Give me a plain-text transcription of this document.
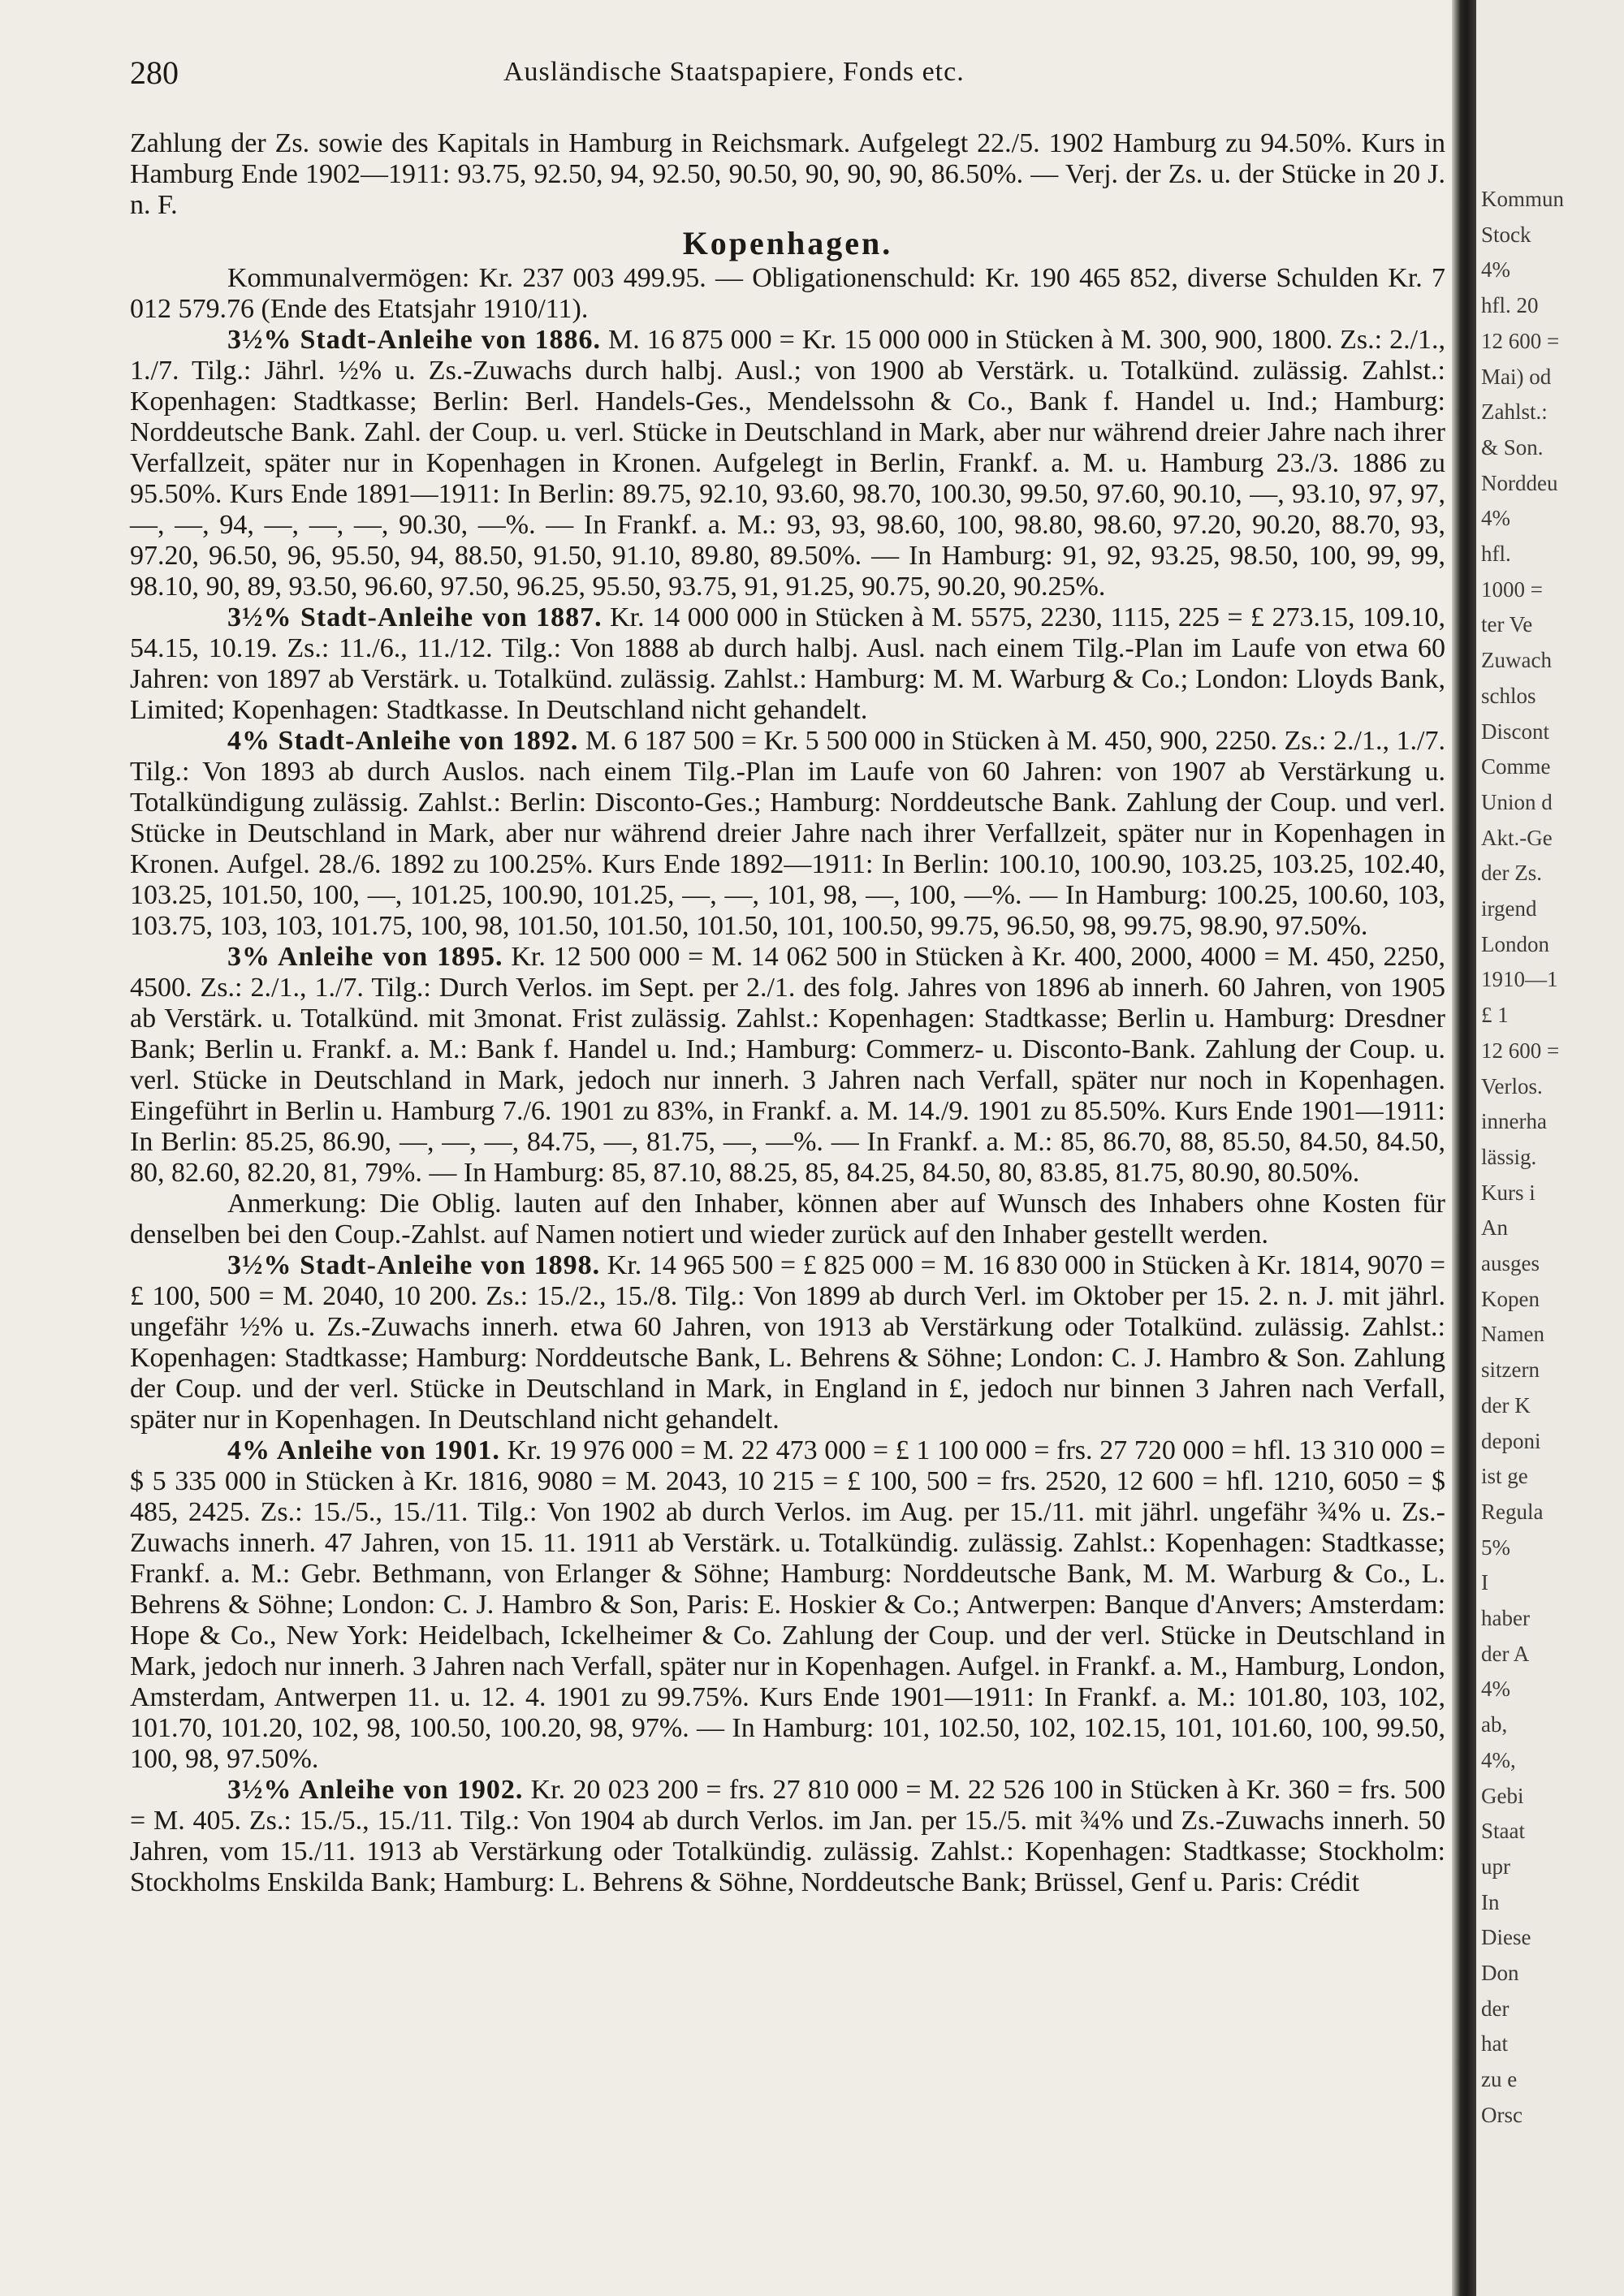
280	Ausländische Staatspapiere, Fonds etc.

Zahlung der Zs. sowie des Kapitals in Hamburg in Reichsmark. Aufgelegt 22./5. 1902 Hamburg zu 94.50%. Kurs in Hamburg Ende 1902—1911: 93.75, 92.50, 94, 92.50, 90.50, 90, 90, 90, 86.50%. — Verj. der Zs. u. der Stücke in 20 J. n. F.

Kopenhagen.

Kommunalvermögen: Kr. 237 003 499.95. — Obligationenschuld: Kr. 190 465 852, diverse Schulden Kr. 7 012 579.76 (Ende des Etatsjahr 1910/11).

3½% Stadt-Anleihe von 1886. M. 16 875 000 = Kr. 15 000 000 in Stücken à M. 300, 900, 1800. Zs.: 2./1., 1./7. Tilg.: Jährl. ½% u. Zs.-Zuwachs durch halbj. Ausl.; von 1900 ab Verstärk. u. Totalkünd. zulässig. Zahlst.: Kopenhagen: Stadtkasse; Berlin: Berl. Handels-Ges., Mendelssohn & Co., Bank f. Handel u. Ind.; Hamburg: Norddeutsche Bank. Zahl. der Coup. u. verl. Stücke in Deutschland in Mark, aber nur während dreier Jahre nach ihrer Verfallzeit, später nur in Kopenhagen in Kronen. Aufgelegt in Berlin, Frankf. a. M. u. Hamburg 23./3. 1886 zu 95.50%. Kurs Ende 1891—1911: In Berlin: 89.75, 92.10, 93.60, 98.70, 100.30, 99.50, 97.60, 90.10, —, 93.10, 97, 97, —, —, 94, —, —, —, 90.30, —%. — In Frankf. a. M.: 93, 93, 98.60, 100, 98.80, 98.60, 97.20, 90.20, 88.70, 93, 97.20, 96.50, 96, 95.50, 94, 88.50, 91.50, 91.10, 89.80, 89.50%. — In Hamburg: 91, 92, 93.25, 98.50, 100, 99, 99, 98.10, 90, 89, 93.50, 96.60, 97.50, 96.25, 95.50, 93.75, 91, 91.25, 90.75, 90.20, 90.25%.

3½% Stadt-Anleihe von 1887. Kr. 14 000 000 in Stücken à M. 5575, 2230, 1115, 225 = £ 273.15, 109.10, 54.15, 10.19. Zs.: 11./6., 11./12. Tilg.: Von 1888 ab durch halbj. Ausl. nach einem Tilg.-Plan im Laufe von etwa 60 Jahren: von 1897 ab Verstärk. u. Totalkünd. zulässig. Zahlst.: Hamburg: M. M. Warburg & Co.; London: Lloyds Bank, Limited; Kopenhagen: Stadtkasse. In Deutschland nicht gehandelt.

4% Stadt-Anleihe von 1892. M. 6 187 500 = Kr. 5 500 000 in Stücken à M. 450, 900, 2250. Zs.: 2./1., 1./7. Tilg.: Von 1893 ab durch Auslos. nach einem Tilg.-Plan im Laufe von 60 Jahren: von 1907 ab Verstärkung u. Totalkündigung zulässig. Zahlst.: Berlin: Disconto-Ges.; Hamburg: Norddeutsche Bank. Zahlung der Coup. und verl. Stücke in Deutschland in Mark, aber nur während dreier Jahre nach ihrer Verfallzeit, später nur in Kopenhagen in Kronen. Aufgel. 28./6. 1892 zu 100.25%. Kurs Ende 1892—1911: In Berlin: 100.10, 100.90, 103.25, 103.25, 102.40, 103.25, 101.50, 100, —, 101.25, 100.90, 101.25, —, —, 101, 98, —, 100, —%. — In Hamburg: 100.25, 100.60, 103, 103.75, 103, 103, 101.75, 100, 98, 101.50, 101.50, 101.50, 101, 100.50, 99.75, 96.50, 98, 99.75, 98.90, 97.50%.

3% Anleihe von 1895. Kr. 12 500 000 = M. 14 062 500 in Stücken à Kr. 400, 2000, 4000 = M. 450, 2250, 4500. Zs.: 2./1., 1./7. Tilg.: Durch Verlos. im Sept. per 2./1. des folg. Jahres von 1896 ab innerh. 60 Jahren, von 1905 ab Verstärk. u. Totalkünd. mit 3monat. Frist zulässig. Zahlst.: Kopenhagen: Stadtkasse; Berlin u. Hamburg: Dresdner Bank; Berlin u. Frankf. a. M.: Bank f. Handel u. Ind.; Hamburg: Commerz- u. Disconto-Bank. Zahlung der Coup. u. verl. Stücke in Deutschland in Mark, jedoch nur innerh. 3 Jahren nach Verfall, später nur noch in Kopenhagen. Eingeführt in Berlin u. Hamburg 7./6. 1901 zu 83%, in Frankf. a. M. 14./9. 1901 zu 85.50%. Kurs Ende 1901—1911: In Berlin: 85.25, 86.90, —, —, —, 84.75, —, 81.75, —, —%. — In Frankf. a. M.: 85, 86.70, 88, 85.50, 84.50, 84.50, 80, 82.60, 82.20, 81, 79%. — In Hamburg: 85, 87.10, 88.25, 85, 84.25, 84.50, 80, 83.85, 81.75, 80.90, 80.50%.

Anmerkung: Die Oblig. lauten auf den Inhaber, können aber auf Wunsch des Inhabers ohne Kosten für denselben bei den Coup.-Zahlst. auf Namen notiert und wieder zurück auf den Inhaber gestellt werden.

3½% Stadt-Anleihe von 1898. Kr. 14 965 500 = £ 825 000 = M. 16 830 000 in Stücken à Kr. 1814, 9070 = £ 100, 500 = M. 2040, 10 200. Zs.: 15./2., 15./8. Tilg.: Von 1899 ab durch Verl. im Oktober per 15. 2. n. J. mit jährl. ungefähr ½% u. Zs.-Zuwachs innerh. etwa 60 Jahren, von 1913 ab Verstärkung oder Totalkünd. zulässig. Zahlst.: Kopenhagen: Stadtkasse; Hamburg: Norddeutsche Bank, L. Behrens & Söhne; London: C. J. Hambro & Son. Zahlung der Coup. und der verl. Stücke in Deutschland in Mark, in England in £, jedoch nur binnen 3 Jahren nach Verfall, später nur in Kopenhagen. In Deutschland nicht gehandelt.

4% Anleihe von 1901. Kr. 19 976 000 = M. 22 473 000 = £ 1 100 000 = frs. 27 720 000 = hfl. 13 310 000 = $ 5 335 000 in Stücken à Kr. 1816, 9080 = M. 2043, 10 215 = £ 100, 500 = frs. 2520, 12 600 = hfl. 1210, 6050 = $ 485, 2425. Zs.: 15./5., 15./11. Tilg.: Von 1902 ab durch Verlos. im Aug. per 15./11. mit jährl. ungefähr ¾% u. Zs.-Zuwachs innerh. 47 Jahren, von 15. 11. 1911 ab Verstärk. u. Totalkündig. zulässig. Zahlst.: Kopenhagen: Stadtkasse; Frankf. a. M.: Gebr. Bethmann, von Erlanger & Söhne; Hamburg: Norddeutsche Bank, M. M. Warburg & Co., L. Behrens & Söhne; London: C. J. Hambro & Son, Paris: E. Hoskier & Co.; Antwerpen: Banque d'Anvers; Amsterdam: Hope & Co., New York: Heidelbach, Ickelheimer & Co. Zahlung der Coup. und der verl. Stücke in Deutschland in Mark, jedoch nur innerh. 3 Jahren nach Verfall, später nur in Kopenhagen. Aufgel. in Frankf. a. M., Hamburg, London, Amsterdam, Antwerpen 11. u. 12. 4. 1901 zu 99.75%. Kurs Ende 1901—1911: In Frankf. a. M.: 101.80, 103, 102, 101.70, 101.20, 102, 98, 100.50, 100.20, 98, 97%. — In Hamburg: 101, 102.50, 102, 102.15, 101, 101.60, 100, 99.50, 100, 98, 97.50%.

3½% Anleihe von 1902. Kr. 20 023 200 = frs. 27 810 000 = M. 22 526 100 in Stücken à Kr. 360 = frs. 500 = M. 405. Zs.: 15./5., 15./11. Tilg.: Von 1904 ab durch Verlos. im Jan. per 15./5. mit ¾% und Zs.-Zuwachs innerh. 50 Jahren, vom 15./11. 1913 ab Verstärkung oder Totalkündig. zulässig. Zahlst.: Kopenhagen: Stadtkasse; Stockholm: Stockholms Enskilda Bank; Hamburg: L. Behrens & Söhne, Norddeutsche Bank; Brüssel, Genf u. Paris: Crédit

Kommun
Stock
4%
hfl. 20
12 600 =
Mai) od
Zahlst.:
& Son.
Norddeu
4%
hfl.
1000 =
ter Ve
Zuwach
schlos
Discont
Comme
Union d
Akt.-Ge
der Zs.
irgend
London
1910—1
£ 1
12 600 =
Verlos.
innerha
lässig.
Kurs i
An
ausges
Kopen
Namen
sitzern
der K
deponi
ist ge
Regula
5%
I
haber
der A
4%
ab,
4%,
Gebi
Staat
upr
In
Diese
Don
der
hat
zu e
Orsc
